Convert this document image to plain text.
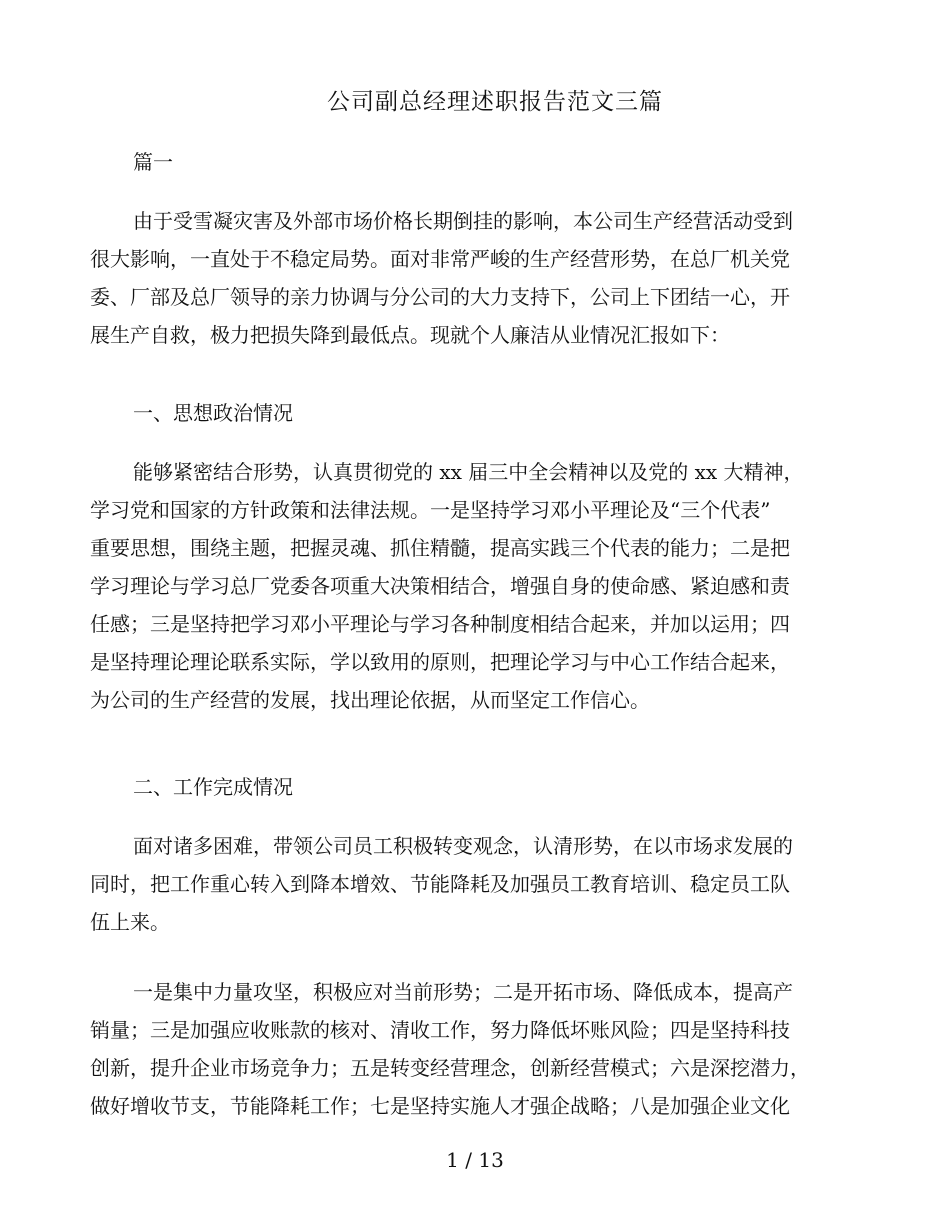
公司副总经理述职报告范文三篇
篇一
由于受雪凝灾害及外部市场价格长期倒挂的影响，本公司生产经营活动受到
很大影响，一直处于不稳定局势。面对非常严峻的生产经营形势，在总厂机关党
委、厂部及总厂领导的亲力协调与分公司的大力支持下，公司上下团结一心，开
展生产自救，极力把损失降到最低点。现就个人廉洁从业情况汇报如下：
一、思想政治情况
能够紧密结合形势，认真贯彻党的 xx 届三中全会精神以及党的 xx 大精神，
学习党和国家的方针政策和法律法规。一是坚持学习邓小平理论及“三个代表”
重要思想，围绕主题，把握灵魂、抓住精髓，提高实践三个代表的能力；二是把
学习理论与学习总厂党委各项重大决策相结合，增强自身的使命感、紧迫感和责
任感；三是坚持把学习邓小平理论与学习各种制度相结合起来，并加以运用；四
是坚持理论理论联系实际，学以致用的原则，把理论学习与中心工作结合起来，
为公司的生产经营的发展，找出理论依据，从而坚定工作信心。
二、工作完成情况
面对诸多困难，带领公司员工积极转变观念，认清形势，在以市场求发展的
同时，把工作重心转入到降本增效、节能降耗及加强员工教育培训、稳定员工队
伍上来。
一是集中力量攻坚，积极应对当前形势；二是开拓市场、降低成本，提高产
销量；三是加强应收账款的核对、清收工作，努力降低坏账风险；四是坚持科技
创新，提升企业市场竞争力；五是转变经营理念，创新经营模式；六是深挖潜力，
做好增收节支，节能降耗工作；七是坚持实施人才强企战略；八是加强企业文化
1 / 13
